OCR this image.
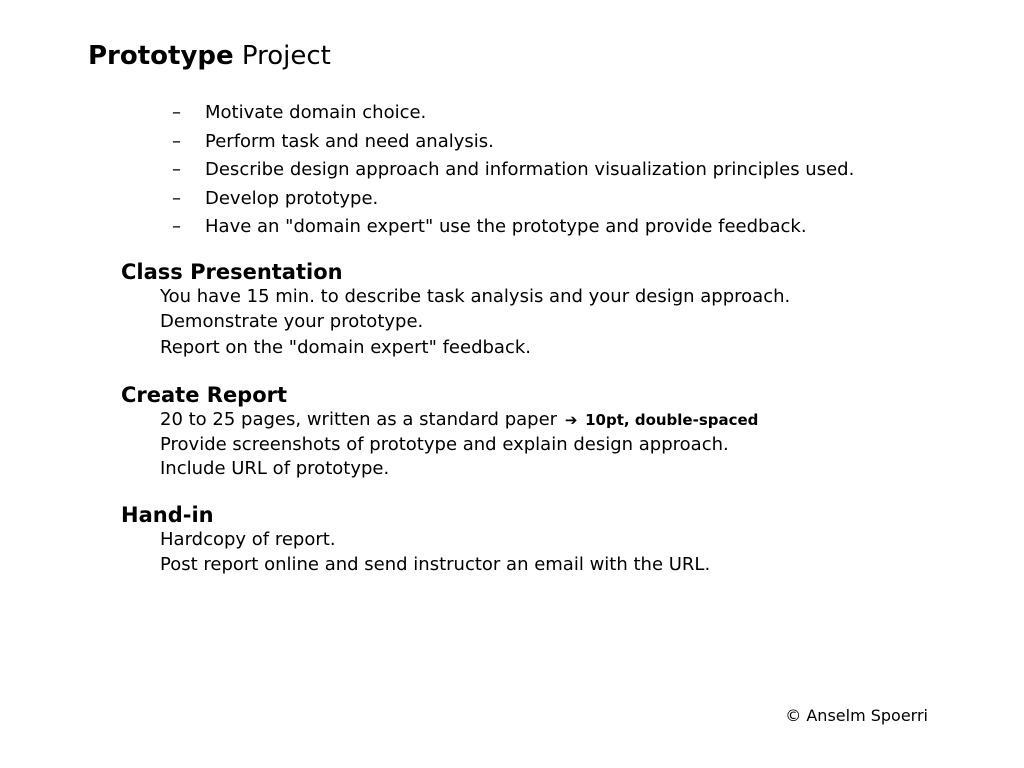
Prototype Project
– Motivate domain choice.
– Perform task and need analysis.
– Describe design approach and information visualization principles used.
– Develop prototype.
– Have an "domain expert" use the prototype and provide feedback.
Class Presentation
You have 15 min. to describe task analysis and your design approach.
Demonstrate your prototype.
Report on the "domain expert" feedback.
Create Report
20 to 25 pages, written as a standard paper ➔ 10pt, double-spaced
Provide screenshots of prototype and explain design approach.
Include URL of prototype.
Hand-in
Hardcopy of report.
Post report online and send instructor an email with the URL.
© Anselm Spoerri
